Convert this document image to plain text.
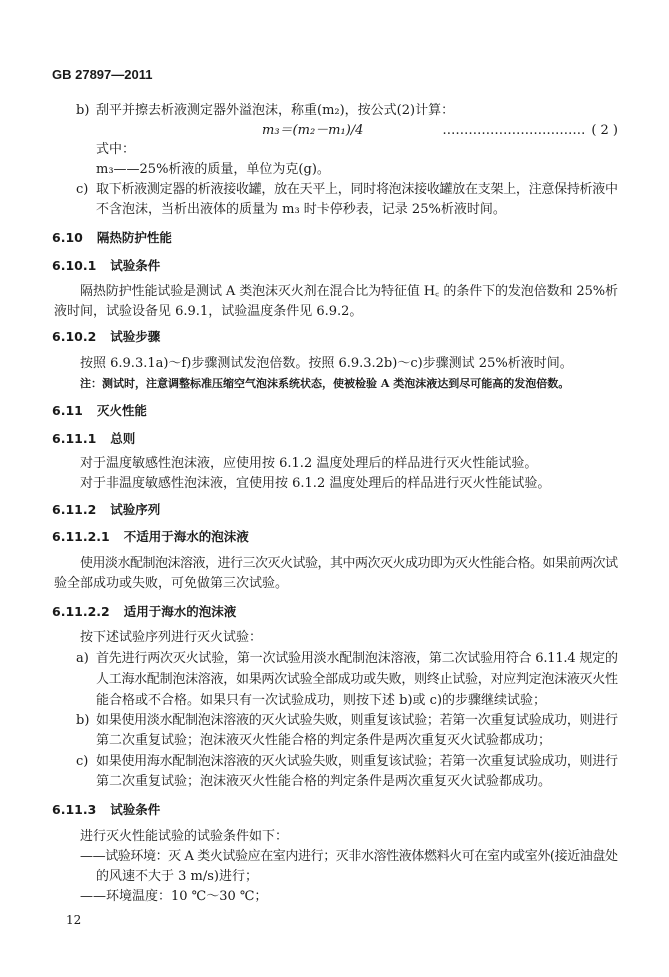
GB 27897—2011
b) 刮平并擦去析液测定器外溢泡沫，称重(m₂)，按公式(2)计算：
m₃＝(m₂－m₁)/4	…………………………… ( 2 )
式中：
m₃——25%析液的质量，单位为克(g)。
c) 取下析液测定器的析液接收罐，放在天平上，同时将泡沫接收罐放在支架上，注意保持析液中
不含泡沫，当析出液体的质量为 m₃ 时卡停秒表，记录 25%析液时间。
6.10 隔热防护性能
6.10.1 试验条件
隔热防护性能试验是测试 A 类泡沫灭火剂在混合比为特征值 H꜀ 的条件下的发泡倍数和 25%析
液时间，试验设备见 6.9.1，试验温度条件见 6.9.2。
6.10.2 试验步骤
按照 6.9.3.1a)～f)步骤测试发泡倍数。按照 6.9.3.2b)～c)步骤测试 25%析液时间。
注：测试时，注意调整标准压缩空气泡沫系统状态，使被检验 A 类泡沫液达到尽可能高的发泡倍数。
6.11 灭火性能
6.11.1 总则
对于温度敏感性泡沫液，应使用按 6.1.2 温度处理后的样品进行灭火性能试验。
对于非温度敏感性泡沫液，宜使用按 6.1.2 温度处理后的样品进行灭火性能试验。
6.11.2 试验序列
6.11.2.1 不适用于海水的泡沫液
使用淡水配制泡沫溶液，进行三次灭火试验，其中两次灭火成功即为灭火性能合格。如果前两次试
验全部成功或失败，可免做第三次试验。
6.11.2.2 适用于海水的泡沫液
按下述试验序列进行灭火试验：
a) 首先进行两次灭火试验，第一次试验用淡水配制泡沫溶液，第二次试验用符合 6.11.4 规定的
人工海水配制泡沫溶液，如果两次试验全部成功或失败，则终止试验，对应判定泡沫液灭火性
能合格或不合格。如果只有一次试验成功，则按下述 b)或 c)的步骤继续试验；
b) 如果使用淡水配制泡沫溶液的灭火试验失败，则重复该试验；若第一次重复试验成功，则进行
第二次重复试验；泡沫液灭火性能合格的判定条件是两次重复灭火试验都成功；
c) 如果使用海水配制泡沫溶液的灭火试验失败，则重复该试验；若第一次重复试验成功，则进行
第二次重复试验；泡沫液灭火性能合格的判定条件是两次重复灭火试验都成功。
6.11.3 试验条件
进行灭火性能试验的试验条件如下：
——试验环境：灭 A 类火试验应在室内进行；灭非水溶性液体燃料火可在室内或室外(接近油盘处
的风速不大于 3 m/s)进行；
——环境温度：10 ℃～30 ℃；
12
